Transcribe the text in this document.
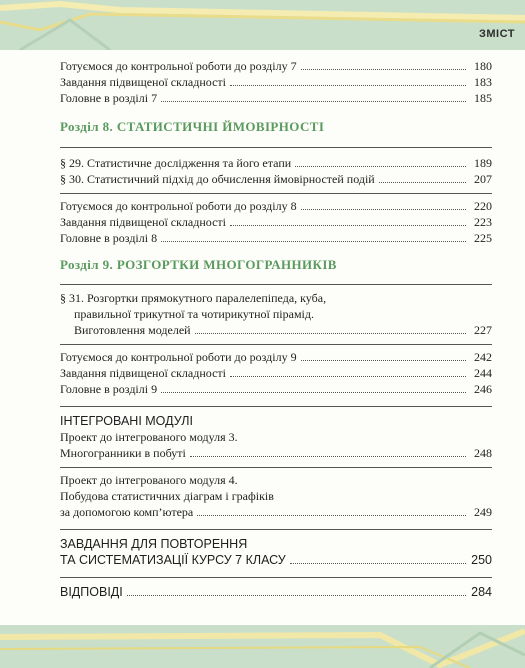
ЗМІСТ
Готуємося до контрольної роботи до розділу 7	180
Завдання підвищеної складності	183
Головне в розділі 7	185
Розділ 8. СТАТИСТИЧНІ ЙМОВІРНОСТІ
§ 29. Статистичне дослідження та його етапи	189
§ 30. Статистичний підхід до обчислення ймовірностей подій	207
Готуємося до контрольної роботи до розділу 8	220
Завдання підвищеної складності	223
Головне в розділі 8	225
Розділ 9. РОЗГОРТКИ МНОГОГРАННИКІВ
§ 31. Розгортки прямокутного паралелепіпеда, куба,
правильної трикутної та чотирикутної пірамід.
Виготовлення моделей	227
Готуємося до контрольної роботи до розділу 9	242
Завдання підвищеної складності	244
Головне в розділі 9	246
ІНТЕГРОВАНІ МОДУЛІ
Проект до інтегрованого модуля 3.
Многогранники в побуті	248
Проект до інтегрованого модуля 4.
Побудова статистичних діаграм і графіків
за допомогою комп’ютера	249
ЗАВДАННЯ ДЛЯ ПОВТОРЕННЯ
ТА СИСТЕМАТИЗАЦІЇ КУРСУ 7 КЛАСУ	250
ВІДПОВІДІ	284
